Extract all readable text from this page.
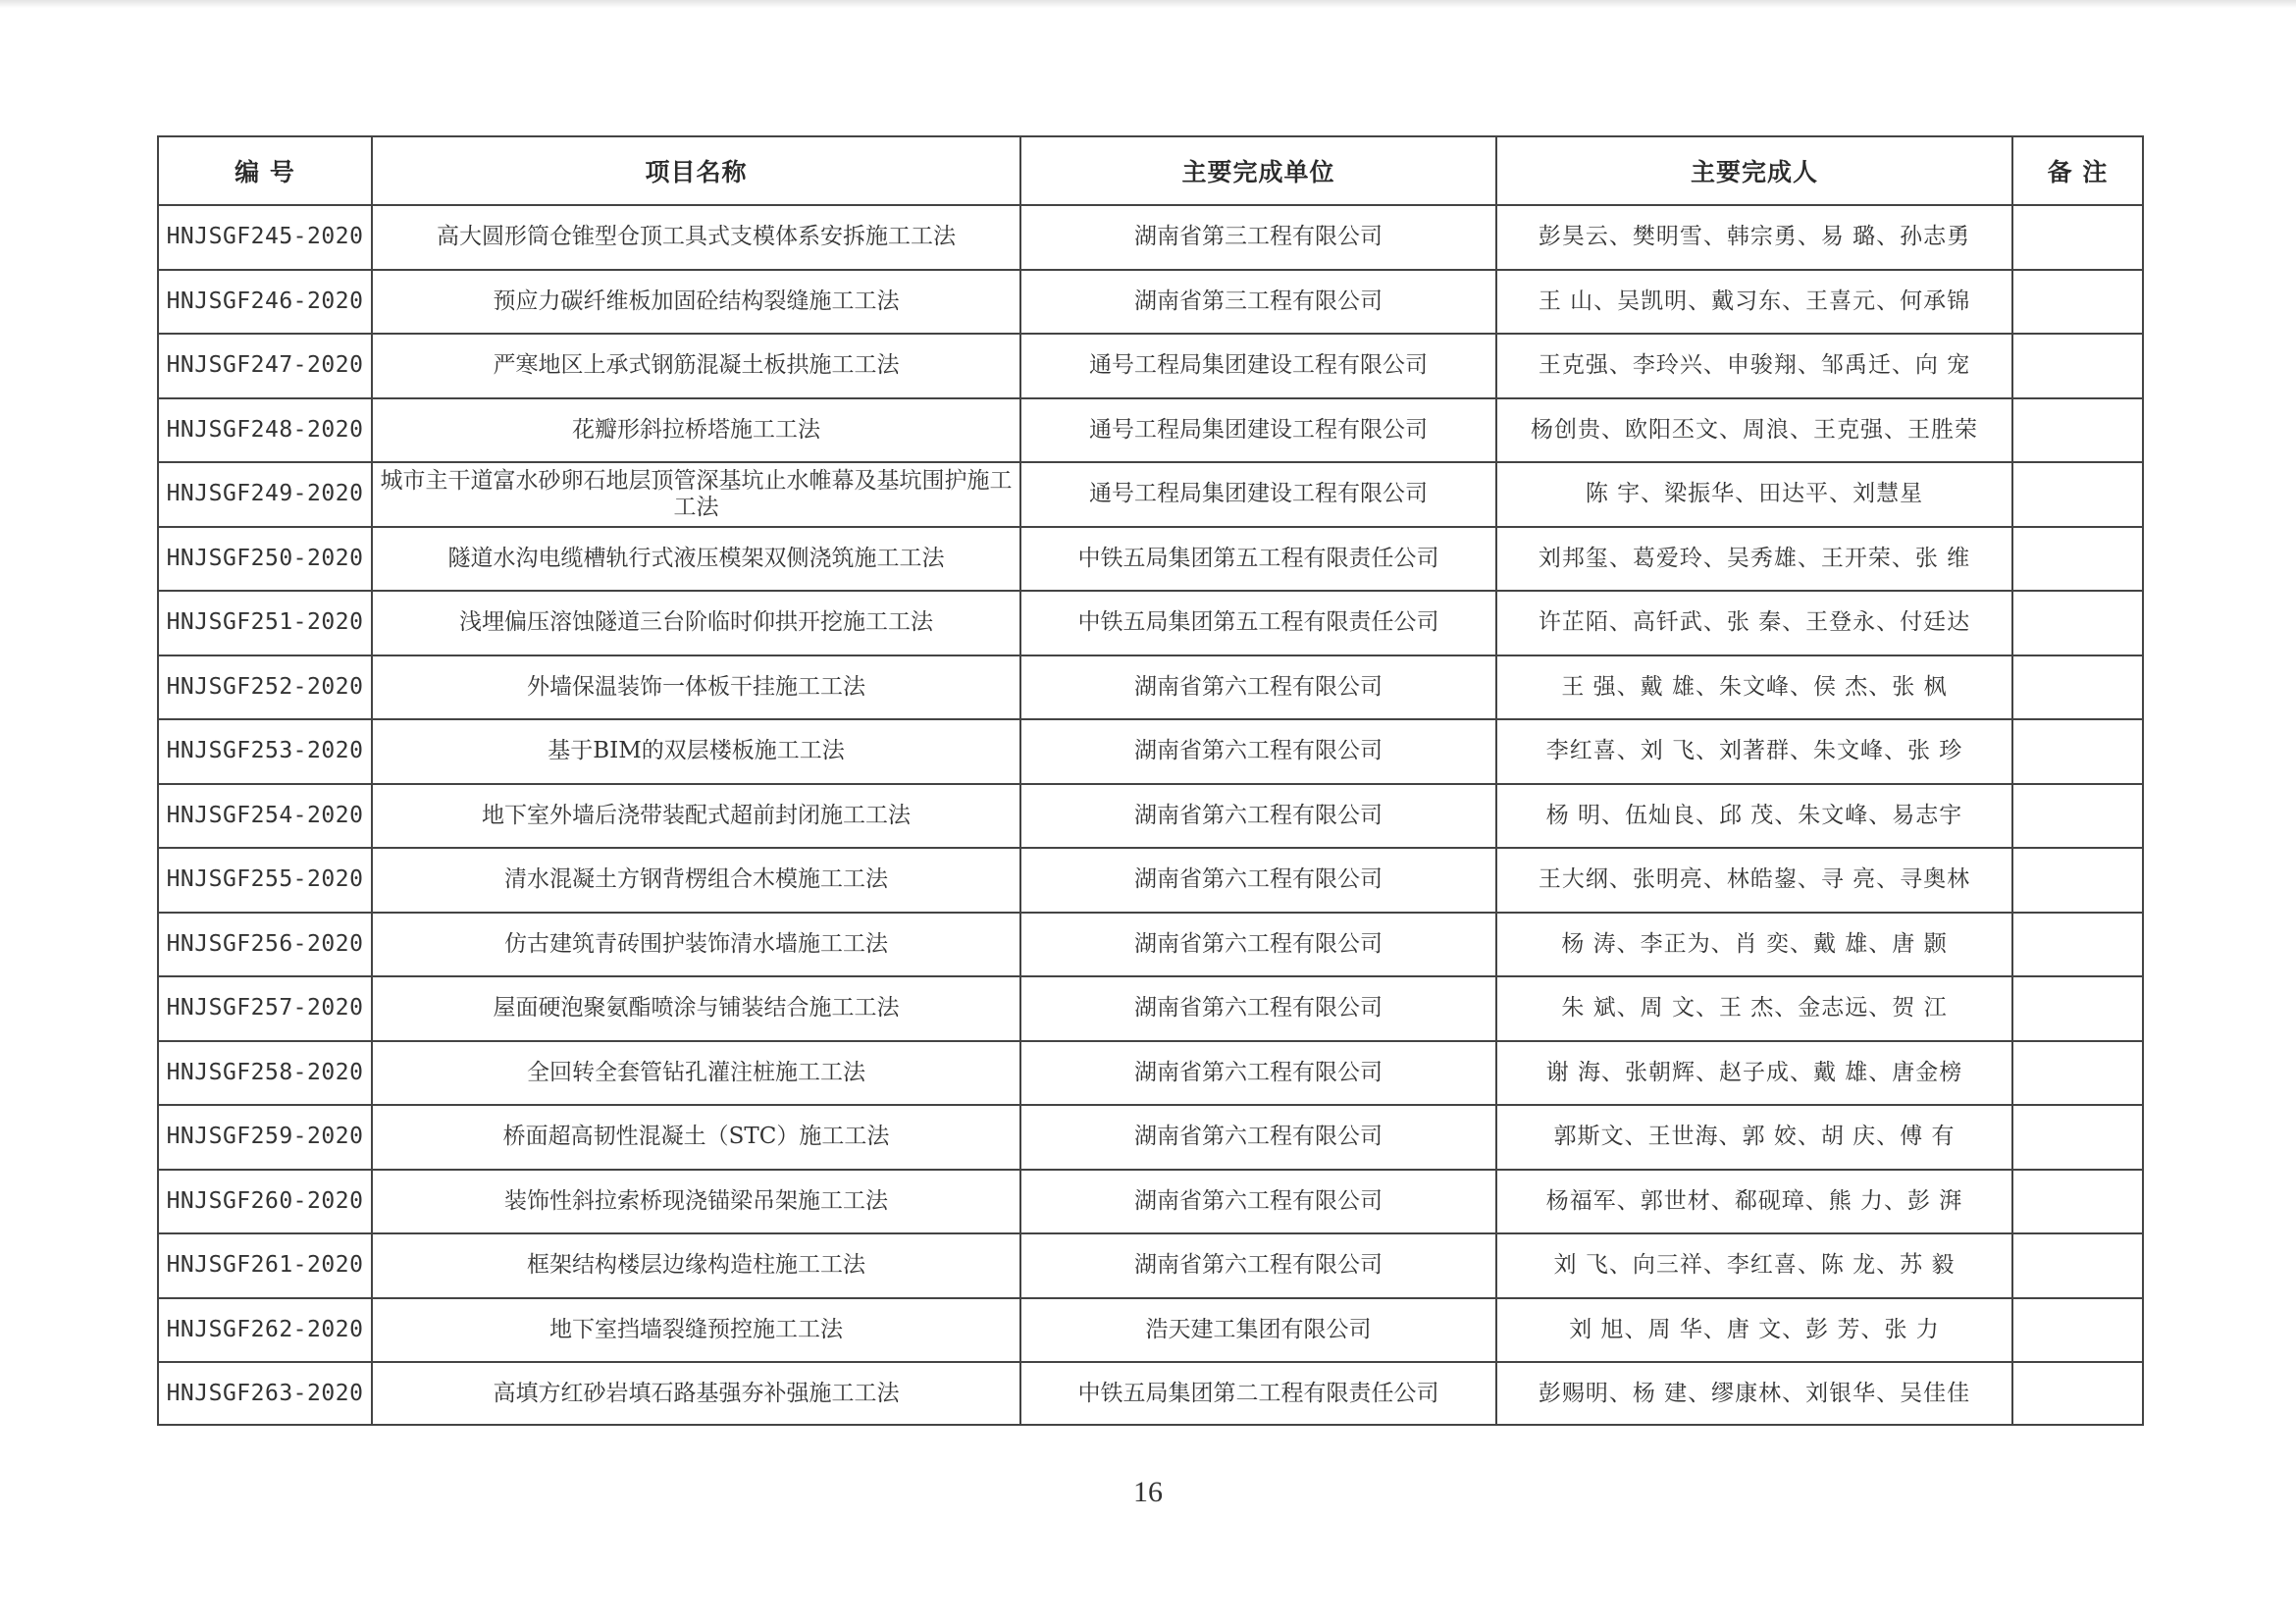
编 号	项目名称	主要完成单位	主要完成人	备 注
HNJSGF245-2020	高大圆形筒仓锥型仓顶工具式支模体系安拆施工工法	湖南省第三工程有限公司	彭昊云、樊明雪、韩宗勇、易 璐、孙志勇	
HNJSGF246-2020	预应力碳纤维板加固砼结构裂缝施工工法	湖南省第三工程有限公司	王 山、吴凯明、戴习东、王喜元、何承锦	
HNJSGF247-2020	严寒地区上承式钢筋混凝土板拱施工工法	通号工程局集团建设工程有限公司	王克强、李玲兴、申骏翔、邹禹迁、向 宠	
HNJSGF248-2020	花瓣形斜拉桥塔施工工法	通号工程局集团建设工程有限公司	杨创贵、欧阳丕文、周浪、王克强、王胜荣	
HNJSGF249-2020	城市主干道富水砂卵石地层顶管深基坑止水帷幕及基坑围护施工工法	通号工程局集团建设工程有限公司	陈 宇、梁振华、田达平、刘慧星	
HNJSGF250-2020	隧道水沟电缆槽轨行式液压模架双侧浇筑施工工法	中铁五局集团第五工程有限责任公司	刘邦玺、葛爱玲、吴秀雄、王开荣、张 维	
HNJSGF251-2020	浅埋偏压溶蚀隧道三台阶临时仰拱开挖施工工法	中铁五局集团第五工程有限责任公司	许芷陌、高钎武、张 秦、王登永、付廷达	
HNJSGF252-2020	外墙保温装饰一体板干挂施工工法	湖南省第六工程有限公司	王 强、戴 雄、朱文峰、侯 杰、张 枫	
HNJSGF253-2020	基于BIM的双层楼板施工工法	湖南省第六工程有限公司	李红喜、刘 飞、刘著群、朱文峰、张 珍	
HNJSGF254-2020	地下室外墙后浇带装配式超前封闭施工工法	湖南省第六工程有限公司	杨 明、伍灿良、邱 茂、朱文峰、易志宇	
HNJSGF255-2020	清水混凝土方钢背楞组合木模施工工法	湖南省第六工程有限公司	王大纲、张明亮、林皓鋆、寻 亮、寻奥林	
HNJSGF256-2020	仿古建筑青砖围护装饰清水墙施工工法	湖南省第六工程有限公司	杨 涛、李正为、肖 奕、戴 雄、唐 颢	
HNJSGF257-2020	屋面硬泡聚氨酯喷涂与铺装结合施工工法	湖南省第六工程有限公司	朱 斌、周 文、王 杰、金志远、贺 江	
HNJSGF258-2020	全回转全套管钻孔灌注桩施工工法	湖南省第六工程有限公司	谢 海、张朝辉、赵子成、戴 雄、唐金榜	
HNJSGF259-2020	桥面超高韧性混凝土（STC）施工工法	湖南省第六工程有限公司	郭斯文、王世海、郭 姣、胡 庆、傅 有	
HNJSGF260-2020	装饰性斜拉索桥现浇锚梁吊架施工工法	湖南省第六工程有限公司	杨福军、郭世材、郗砚璋、熊 力、彭 湃	
HNJSGF261-2020	框架结构楼层边缘构造柱施工工法	湖南省第六工程有限公司	刘 飞、向三祥、李红喜、陈 龙、苏 毅	
HNJSGF262-2020	地下室挡墙裂缝预控施工工法	浩天建工集团有限公司	刘 旭、周 华、唐 文、彭 芳、张 力	
HNJSGF263-2020	高填方红砂岩填石路基强夯补强施工工法	中铁五局集团第二工程有限责任公司	彭赐明、杨 建、缪康林、刘银华、吴佳佳	
16
